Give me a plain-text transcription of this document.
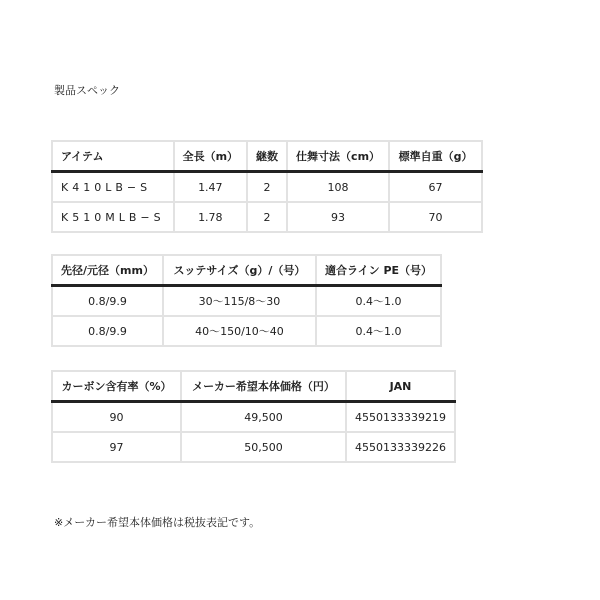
製品スペック
アイテム	全長（m）	継数	仕舞寸法（cm）	標準自重（g）
K410LB−S	1.47	2	108	67
K510MLB−S	1.78	2	93	70
先径/元径（mm）	スッテサイズ（g）/（号）	適合ライン PE（号）
0.8/9.9	30〜115/8〜30	0.4〜1.0
0.8/9.9	40〜150/10〜40	0.4〜1.0
カーボン含有率（%）	メーカー希望本体価格（円）	JAN
90	49,500	4550133339219
97	50,500	4550133339226
※メーカー希望本体価格は税抜表記です。
